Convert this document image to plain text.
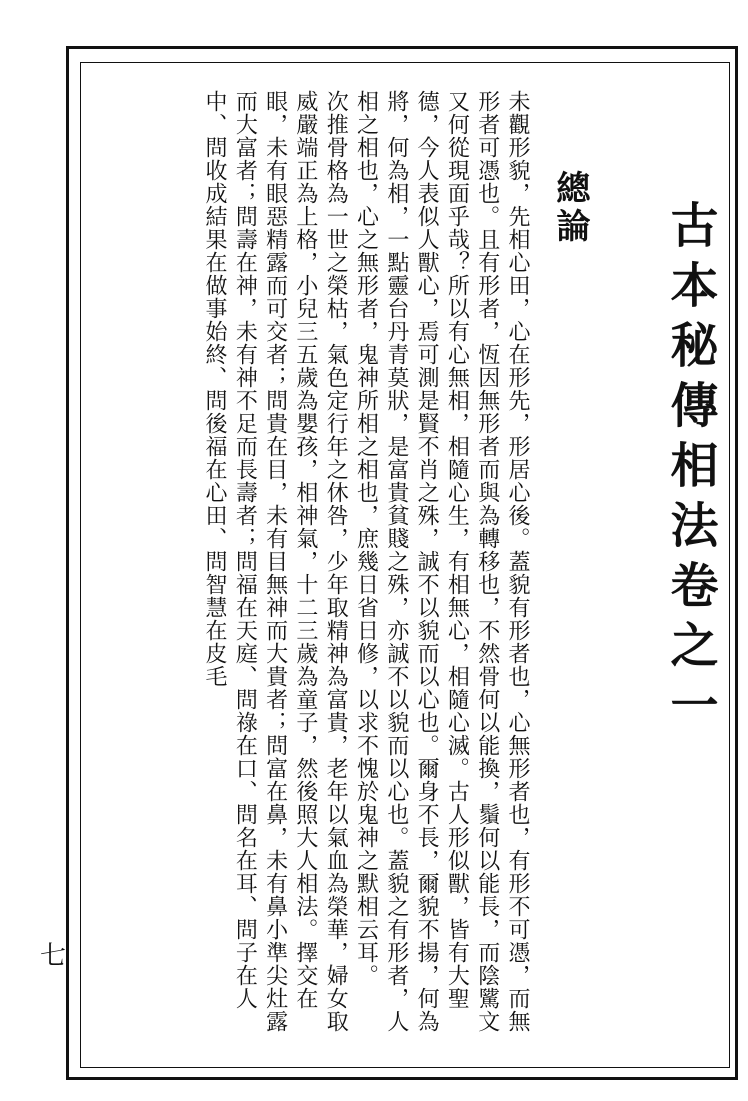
古本秘傳相法卷之一
總論

未觀形貌，先相心田，心在形先，形居心後。蓋貌有形者也，心無形者也，有形不可憑，而無形者可憑也。且有形者，恆因無形者而與為轉移也，不然骨何以能換，鬚何以能長，而陰騭文又何從現面乎哉？所以有心無相，相隨心生，有相無心，相隨心滅。古人形似獸，皆有大聖德，今人表似人獸心，焉可測是賢不肖之殊，誠不以貌而以心也。爾身不長，爾貌不揚，何為將，何為相，一點靈台丹青莫狀，是富貴貧賤之殊，亦誠不以貌而以心也。蓋貌之有形者，人相之相也，心之無形者，鬼神所相之相也，庶幾日省日修，以求不愧於鬼神之默相云耳。

次推骨格為一世之榮枯，氣色定行年之休咎，少年取精神為富貴，老年以氣血為榮華，婦女取威嚴端正為上格，小兒三五歲為嬰孩，相神氣，十二三歲為童子，然後照大人相法。擇交在眼，未有眼惡精露而可交者；問貴在目，未有目無神而大貴者；問富在鼻，未有鼻小準尖灶露而大富者；問壽在神，未有神不足而長壽者；問福在天庭、問祿在口、問名在耳、問子在人中、問收成結果在做事始終、問後福在心田、問智慧在皮毛

七
